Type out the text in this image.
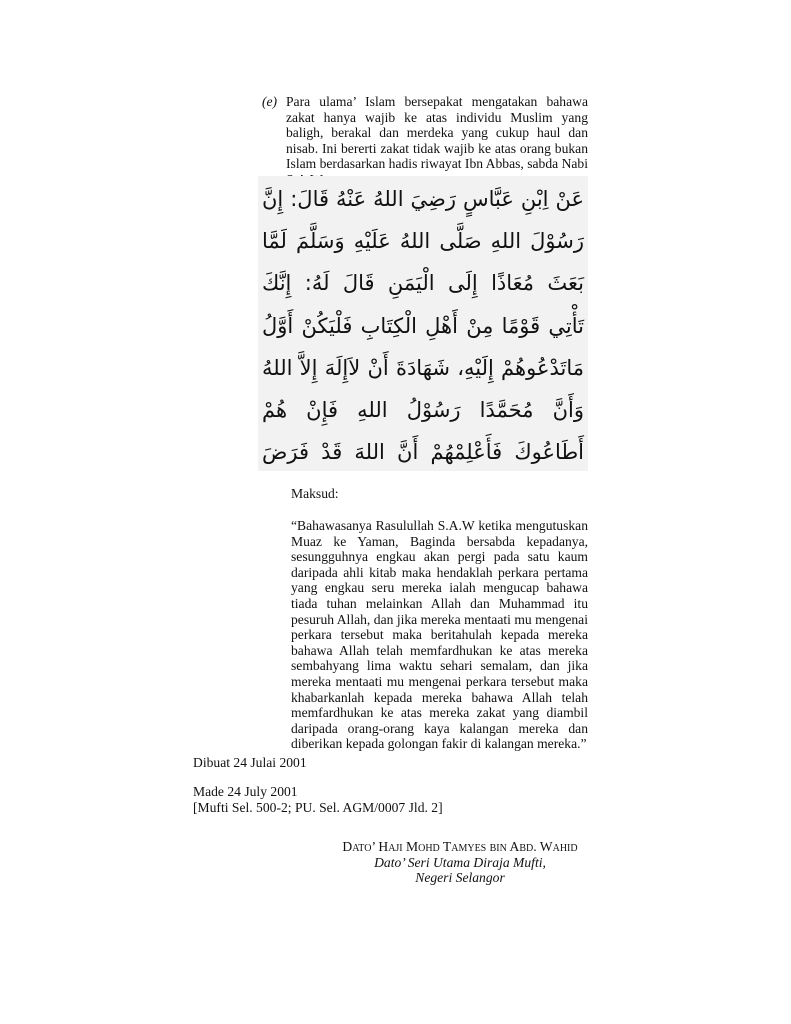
(e) Para ulama’ Islam bersepakat mengatakan bahawa zakat hanya wajib ke atas individu Muslim yang baligh, berakal dan merdeka yang cukup haul dan nisab. Ini bererti zakat tidak wajib ke atas orang bukan Islam berdasarkan hadis riwayat Ibn Abbas, sabda Nabi
عَنْ اِبْنِ عَبَّاسٍ رَضِيَ اللهُ عَنْهُ قَالَ: إِنَّ رَسُوْلَ اللهِ صَلَّى اللهُ عَلَيْهِ وَسَلَّمَ لَمَّا بَعَثَ مُعَاذًا إِلَى الْيَمَنِ قَالَ لَهُ: إِنَّكَ تَأْتِي قَوْمًا مِنْ أَهْلِ الْكِتَابِ فَلْيَكُنْ أَوَّلُ مَاتَدْعُوهُمْ إِلَيْهِ، شَهَادَةَ أَنْ لاَإِلَهَ إِلاَّ اللهُ وَأَنَّ مُحَمَّدًا رَسُوْلُ اللهِ فَإِنْ هُمْ أَطَاعُوكَ فَأَعْلِمْهُمْ أَنَّ اللهَ قَدْ فَرَضَ
Maksud:
“Bahawasanya Rasulullah S.A.W ketika mengutuskan Muaz ke Yaman, Baginda bersabda kepadanya, sesungguhnya engkau akan pergi pada satu kaum daripada ahli kitab maka hendaklah perkara pertama yang engkau seru mereka ialah mengucap bahawa tiada tuhan melainkan Allah dan Muhammad itu pesuruh Allah, dan jika mereka mentaati mu mengenai perkara tersebut maka beritahulah kepada mereka bahawa Allah telah memfardhukan ke atas mereka sembahyang lima waktu sehari semalam, dan jika mereka mentaati mu mengenai perkara tersebut maka khabarkanlah kepada mereka bahawa Allah telah memfardhukan ke atas mereka zakat yang diambil daripada orang-orang kaya kalangan mereka dan diberikan kepada golongan fakir di kalangan mereka.”
Dibuat 24 Julai 2001
Made 24 July 2001
[Mufti Sel. 500-2; PU. Sel. AGM/0007 Jld. 2]
Dato’ Haji Mohd Tamyes bin Abd. Wahid
Dato’ Seri Utama Diraja Mufti,
Negeri Selangor
